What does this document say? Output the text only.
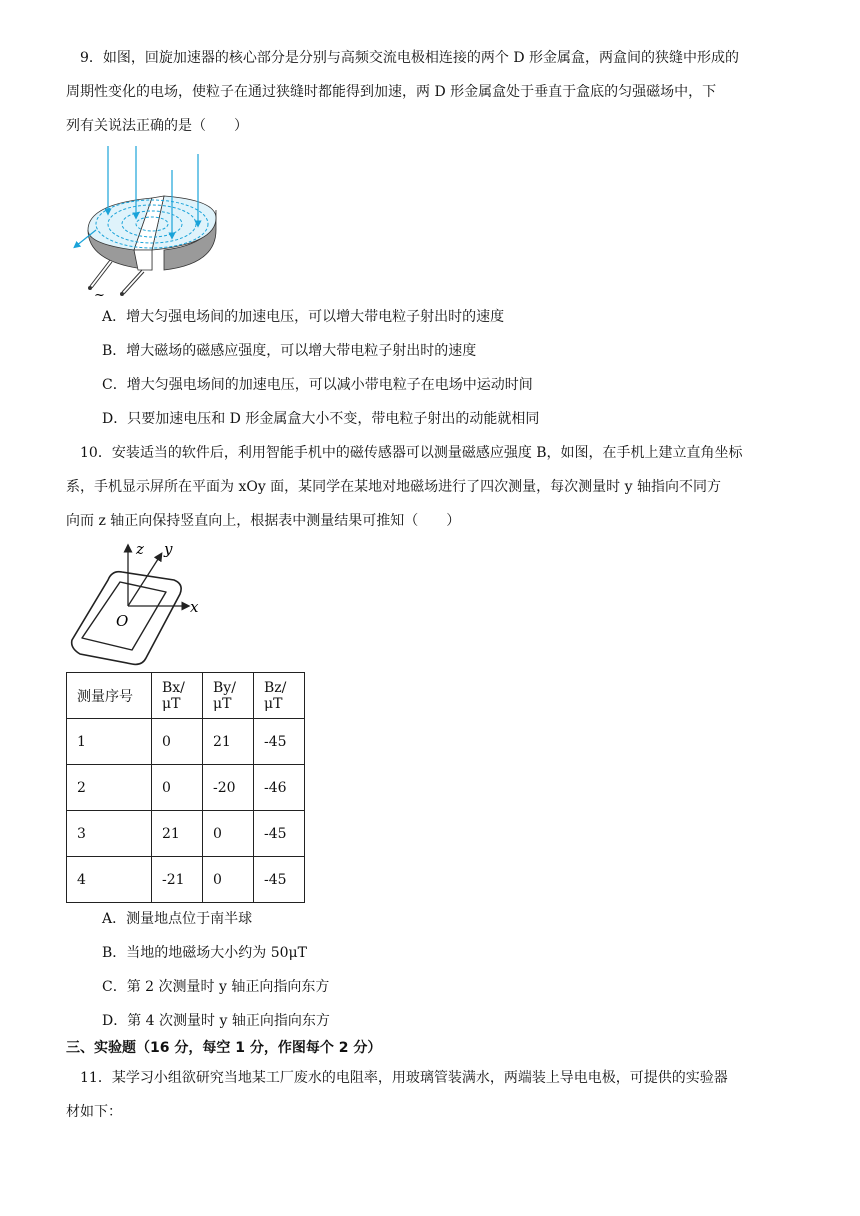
9．如图，回旋加速器的核心部分是分别与高频交流电极相连接的两个 D 形金属盒，两盒间的狭缝中形成的
周期性变化的电场，使粒子在通过狭缝时都能得到加速，两 D 形金属盒处于垂直于盒底的匀强磁场中，下
列有关说法正确的是（　　）
~
A．增大匀强电场间的加速电压，可以增大带电粒子射出时的速度
B．增大磁场的磁感应强度，可以增大带电粒子射出时的速度
C．增大匀强电场间的加速电压，可以减小带电粒子在电场中运动时间
D．只要加速电压和 D 形金属盒大小不变，带电粒子射出的动能就相同
10．安装适当的软件后，利用智能手机中的磁传感器可以测量磁感应强度 B，如图，在手机上建立直角坐标
系，手机显示屏所在平面为 xOy 面，某同学在某地对地磁场进行了四次测量，每次测量时 y 轴指向不同方
向而 z 轴正向保持竖直向上，根据表中测量结果可推知（　　）
z y
x
O
测量序号	Bx/μT	By/μT	Bz/μT
1	0	21	-45
2	0	-20	-46
3	21	0	-45
4	-21	0	-45
A．测量地点位于南半球
B．当地的地磁场大小约为 50μT
C．第 2 次测量时 y 轴正向指向东方
D．第 4 次测量时 y 轴正向指向东方
三、实验题（16 分，每空 1 分，作图每个 2 分）
11．某学习小组欲研究当地某工厂废水的电阻率，用玻璃管装满水，两端装上导电电极，可提供的实验器
材如下：
